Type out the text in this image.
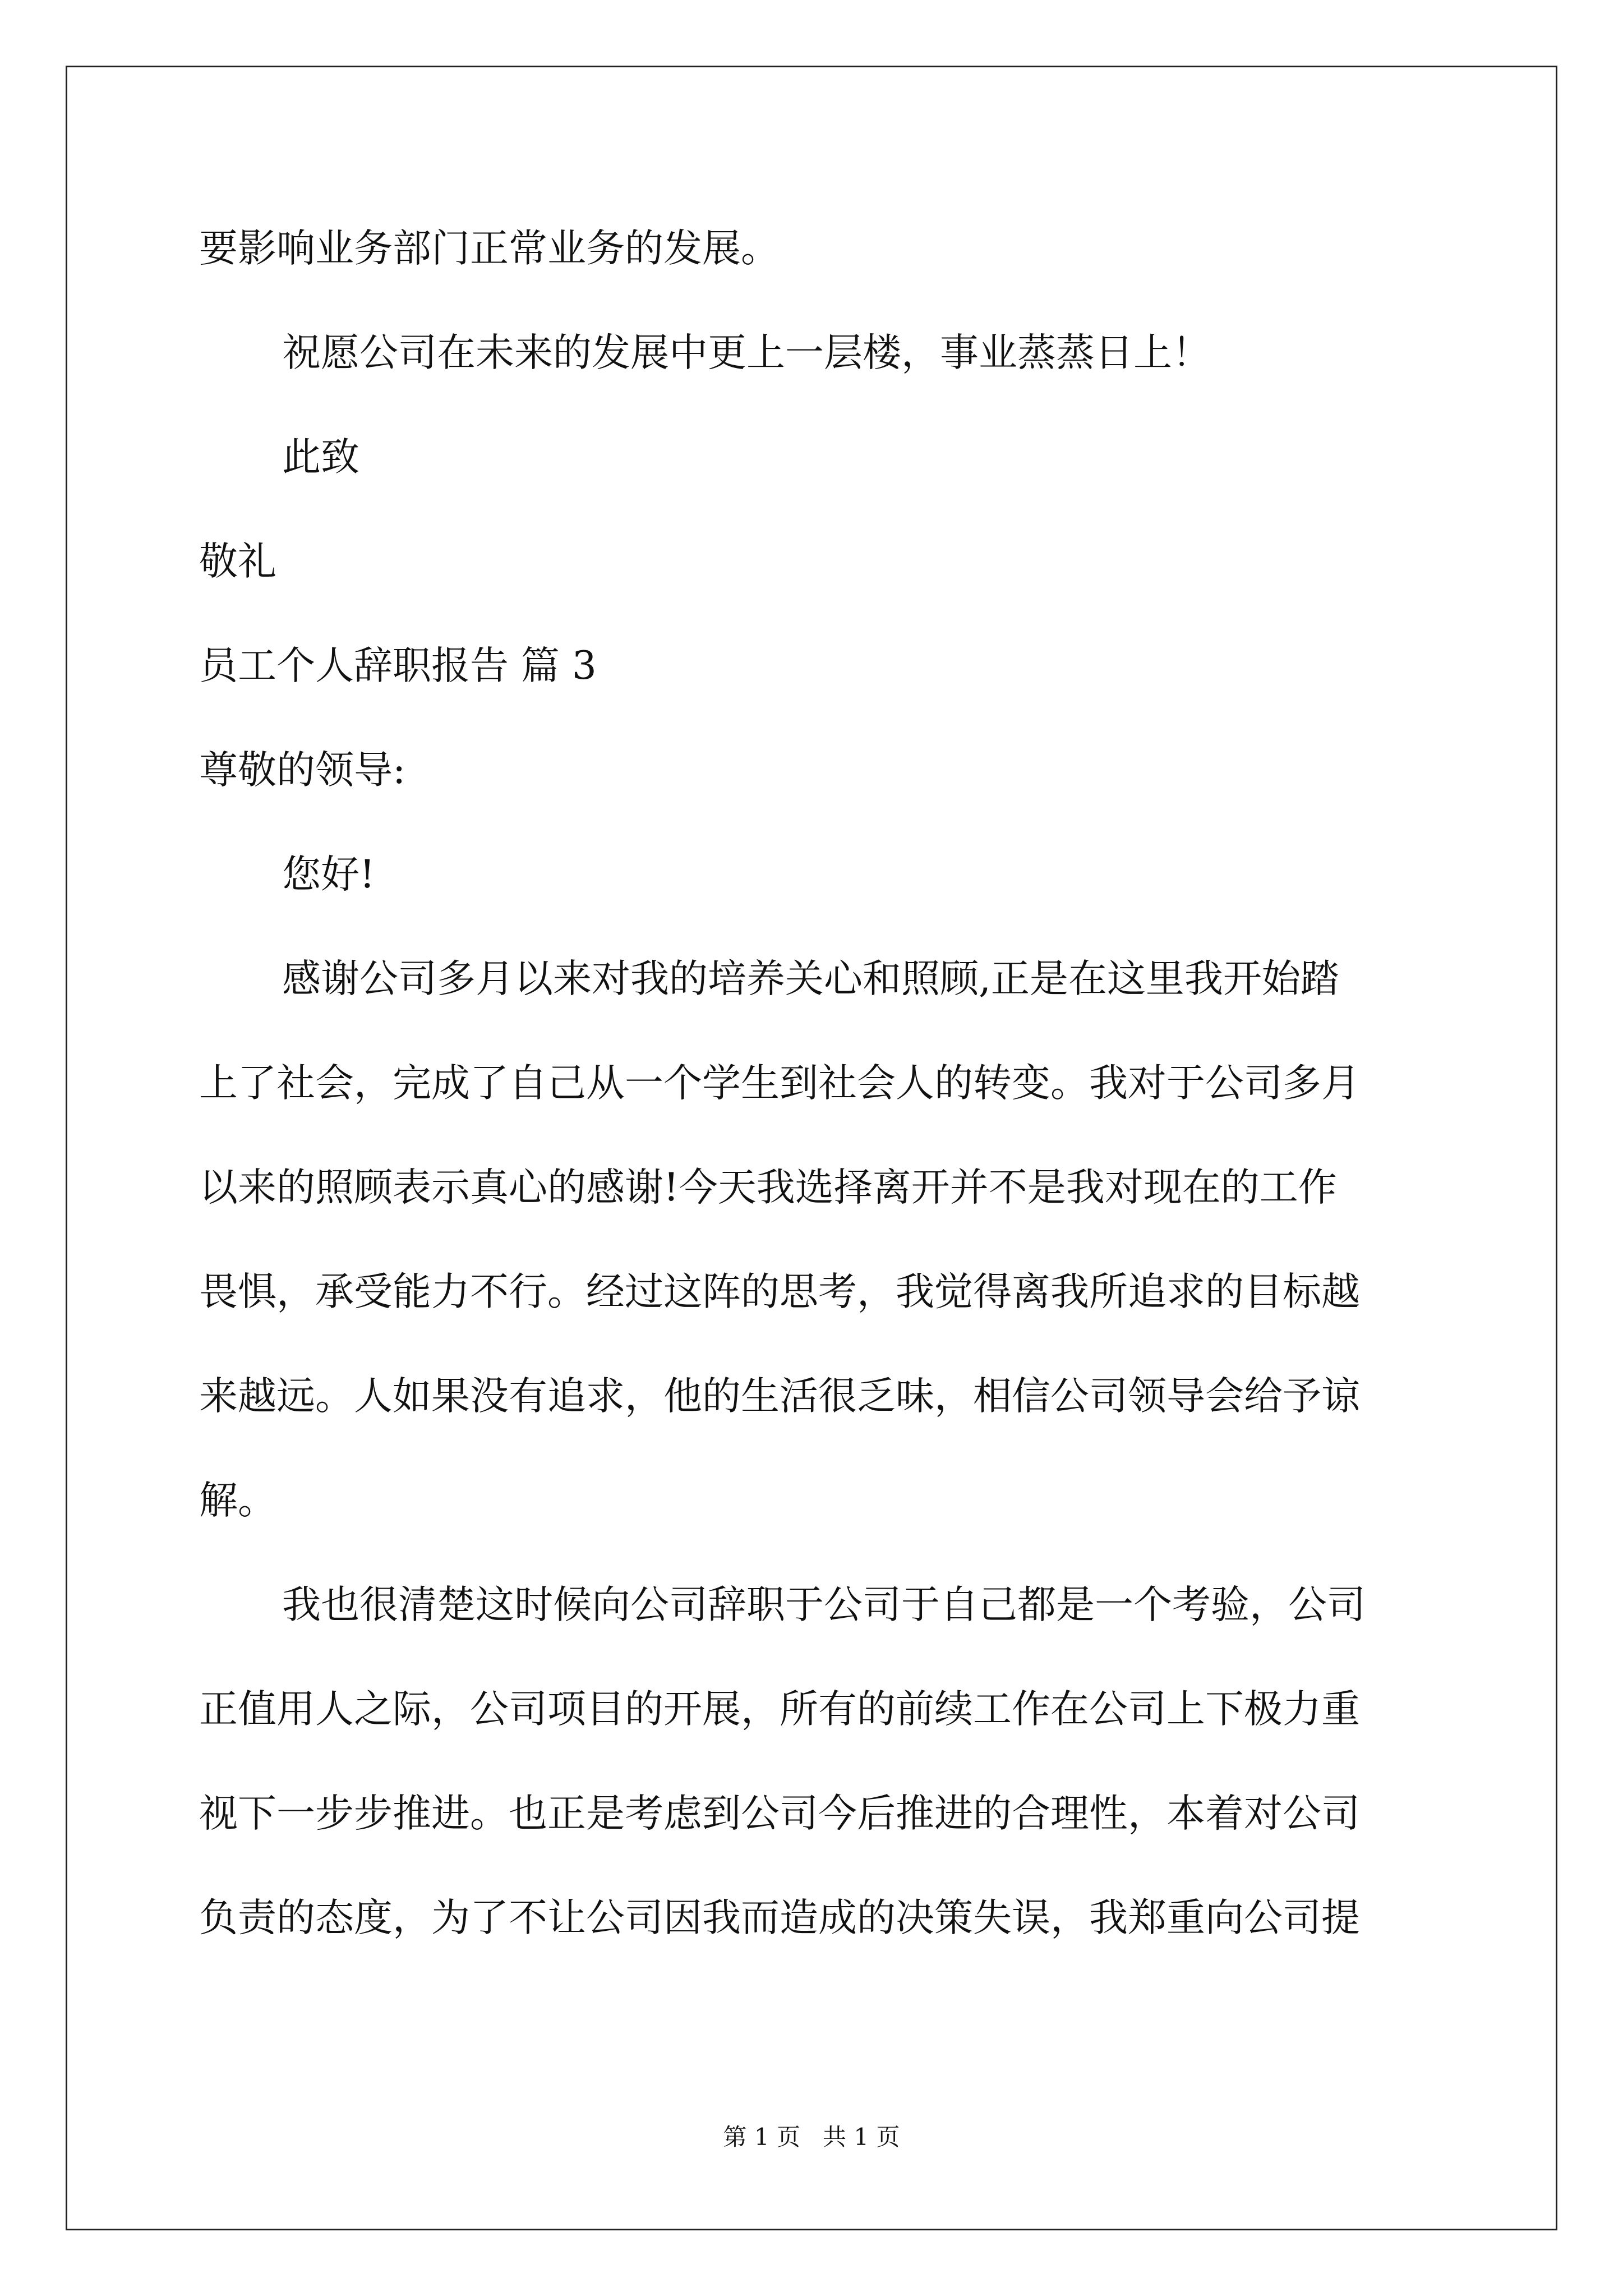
要影响业务部门正常业务的发展。

祝愿公司在未来的发展中更上一层楼，事业蒸蒸日上！

此致

敬礼

员工个人辞职报告 篇 3

尊敬的领导:

您好!

感谢公司多月以来对我的培养关心和照顾,正是在这里我开始踏

上了社会，完成了自己从一个学生到社会人的转变。我对于公司多月

以来的照顾表示真心的感谢!今天我选择离开并不是我对现在的工作

畏惧，承受能力不行。经过这阵的思考，我觉得离我所追求的目标越

来越远。人如果没有追求，他的生活很乏味，相信公司领导会给予谅

解。

我也很清楚这时候向公司辞职于公司于自己都是一个考验，公司

正值用人之际，公司项目的开展，所有的前续工作在公司上下极力重

视下一步步推进。也正是考虑到公司今后推进的合理性，本着对公司

负责的态度，为了不让公司因我而造成的决策失误，我郑重向公司提

第 1 页   共 1 页
